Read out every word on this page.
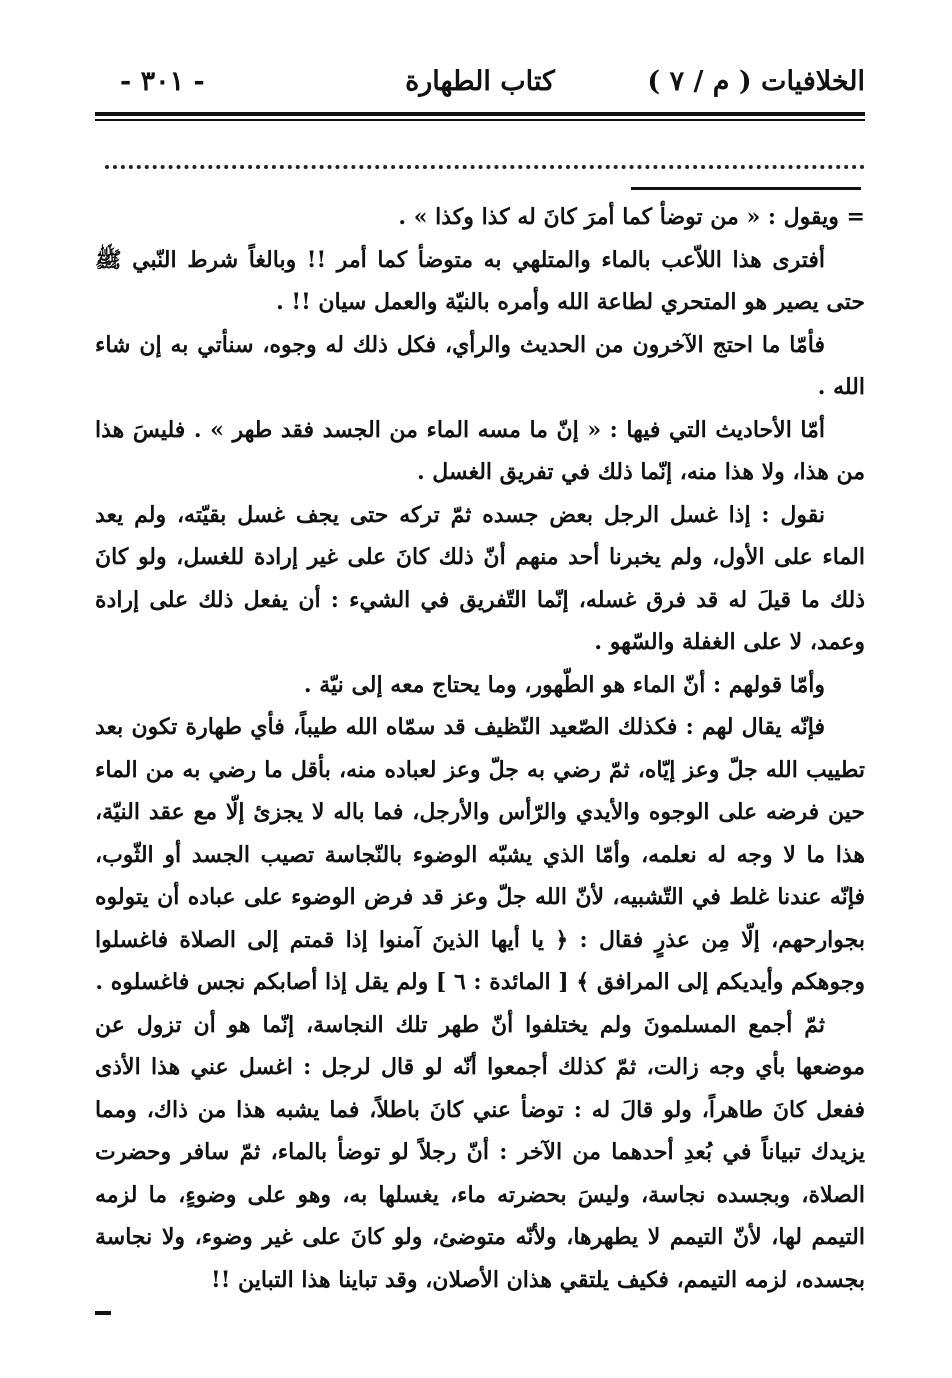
الخلافيات ( م / ٧ )
كتاب الطهارة
- ٣٠١ -

= ويقول : « من توضأ كما أمرَ كانَ له كذا وكذا » .

أفترى هذا اللاّعب بالماء والمتلهي به متوضأ كما أمر !! وبالغاً شرط النّبي ﷺ حتى يصير هو المتحري لطاعة الله وأمره بالنيّة والعمل سيان !! .

فأمّا ما احتج الآخرون من الحديث والرأي، فكل ذلك له وجوه، سنأتي به إن شاء الله .

أمّا الأحاديث التي فيها : « إنّ ما مسه الماء من الجسد فقد طهر » . فليسَ هذا من هذا، ولا هذا منه، إنّما ذلك في تفريق الغسل .

نقول : إذا غسل الرجل بعض جسده ثمّ تركه حتى يجف غسل بقيّته، ولم يعد الماء على الأول، ولم يخبرنا أحد منهم أنّ ذلك كانَ على غير إرادة للغسل، ولو كانَ ذلك ما قيلَ له قد فرق غسله، إنّما التّفريق في الشيء : أن يفعل ذلك على إرادة وعمد، لا على الغفلة والسّهو .

وأمّا قولهم : أنّ الماء هو الطّهور، وما يحتاج معه إلى نيّة .

فإنّه يقال لهم : فكذلك الصّعيد النّظيف قد سمّاه الله طيباً، فأي طهارة تكون بعد تطييب الله جلّ وعز إيّاه، ثمّ رضي به جلّ وعز لعباده منه، بأقل ما رضي به من الماء حين فرضه على الوجوه والأيدي والرّأس والأرجل، فما باله لا يجزئ إلّا مع عقد النيّة، هذا ما لا وجه له نعلمه، وأمّا الذي يشبّه الوضوء بالنّجاسة تصيب الجسد أو الثّوب، فإنّه عندنا غلط في التّشبيه، لأنّ الله جلّ وعز قد فرض الوضوء على عباده أن يتولوه بجوارحهم، إلّا مِن عذرٍ فقال : ﴿ يا أيها الذينَ آمنوا إذا قمتم إلى الصلاة فاغسلوا وجوهكم وأيديكم إلى المرافق ﴾ [ المائدة : ٦ ] ولم يقل إذا أصابكم نجس فاغسلوه .

ثمّ أجمع المسلمونَ ولم يختلفوا أنّ طهر تلك النجاسة، إنّما هو أن تزول عن موضعها بأي وجه زالت، ثمّ كذلك أجمعوا أنّه لو قال لرجل : اغسل عني هذا الأذى ففعل كانَ طاهراً، ولو قالَ له : توضأ عني كانَ باطلاً، فما يشبه هذا من ذاك، ومما يزيدك تبياناً في بُعدِ أحدهما من الآخر : أنّ رجلاً لو توضأ بالماء، ثمّ سافر وحضرت الصلاة، وبجسده نجاسة، وليسَ بحضرته ماء، يغسلها به، وهو على وضوءٍ، ما لزمه التيمم لها، لأنّ التيمم لا يطهرها، ولأنّه متوضئ، ولو كانَ على غير وضوء، ولا نجاسة بجسده، لزمه التيمم، فكيف يلتقي هذان الأصلان، وقد تباينا هذا التباين !!
